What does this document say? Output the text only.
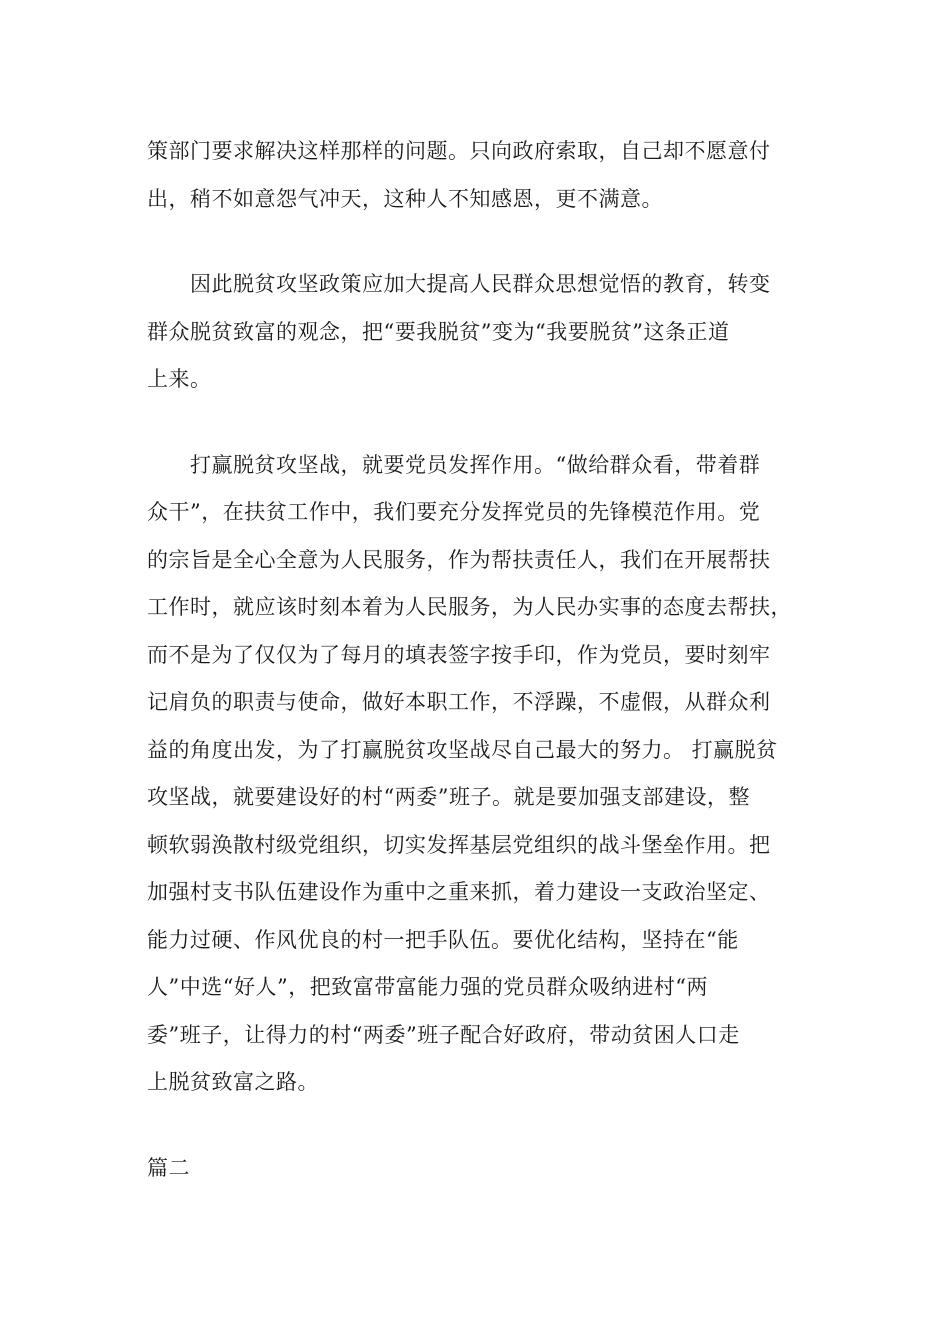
策部门要求解决这样那样的问题。只向政府索取，自己却不愿意付
出，稍不如意怨气冲天，这种人不知感恩，更不满意。

　　因此脱贫攻坚政策应加大提高人民群众思想觉悟的教育，转变
群众脱贫致富的观念，把“要我脱贫”变为“我要脱贫”这条正道
上来。

　　打赢脱贫攻坚战，就要党员发挥作用。“做给群众看，带着群
众干”，在扶贫工作中，我们要充分发挥党员的先锋模范作用。党
的宗旨是全心全意为人民服务，作为帮扶责任人，我们在开展帮扶
工作时，就应该时刻本着为人民服务，为人民办实事的态度去帮扶，
而不是为了仅仅为了每月的填表签字按手印，作为党员，要时刻牢
记肩负的职责与使命，做好本职工作，不浮躁，不虚假，从群众利
益的角度出发，为了打赢脱贫攻坚战尽自己最大的努力。 打赢脱贫
攻坚战，就要建设好的村“两委”班子。就是要加强支部建设，整
顿软弱涣散村级党组织，切实发挥基层党组织的战斗堡垒作用。把
加强村支书队伍建设作为重中之重来抓，着力建设一支政治坚定、
能力过硬、作风优良的村一把手队伍。要优化结构，坚持在“能
人”中选“好人”，把致富带富能力强的党员群众吸纳进村“两
委”班子，让得力的村“两委”班子配合好政府，带动贫困人口走
上脱贫致富之路。

篇二
